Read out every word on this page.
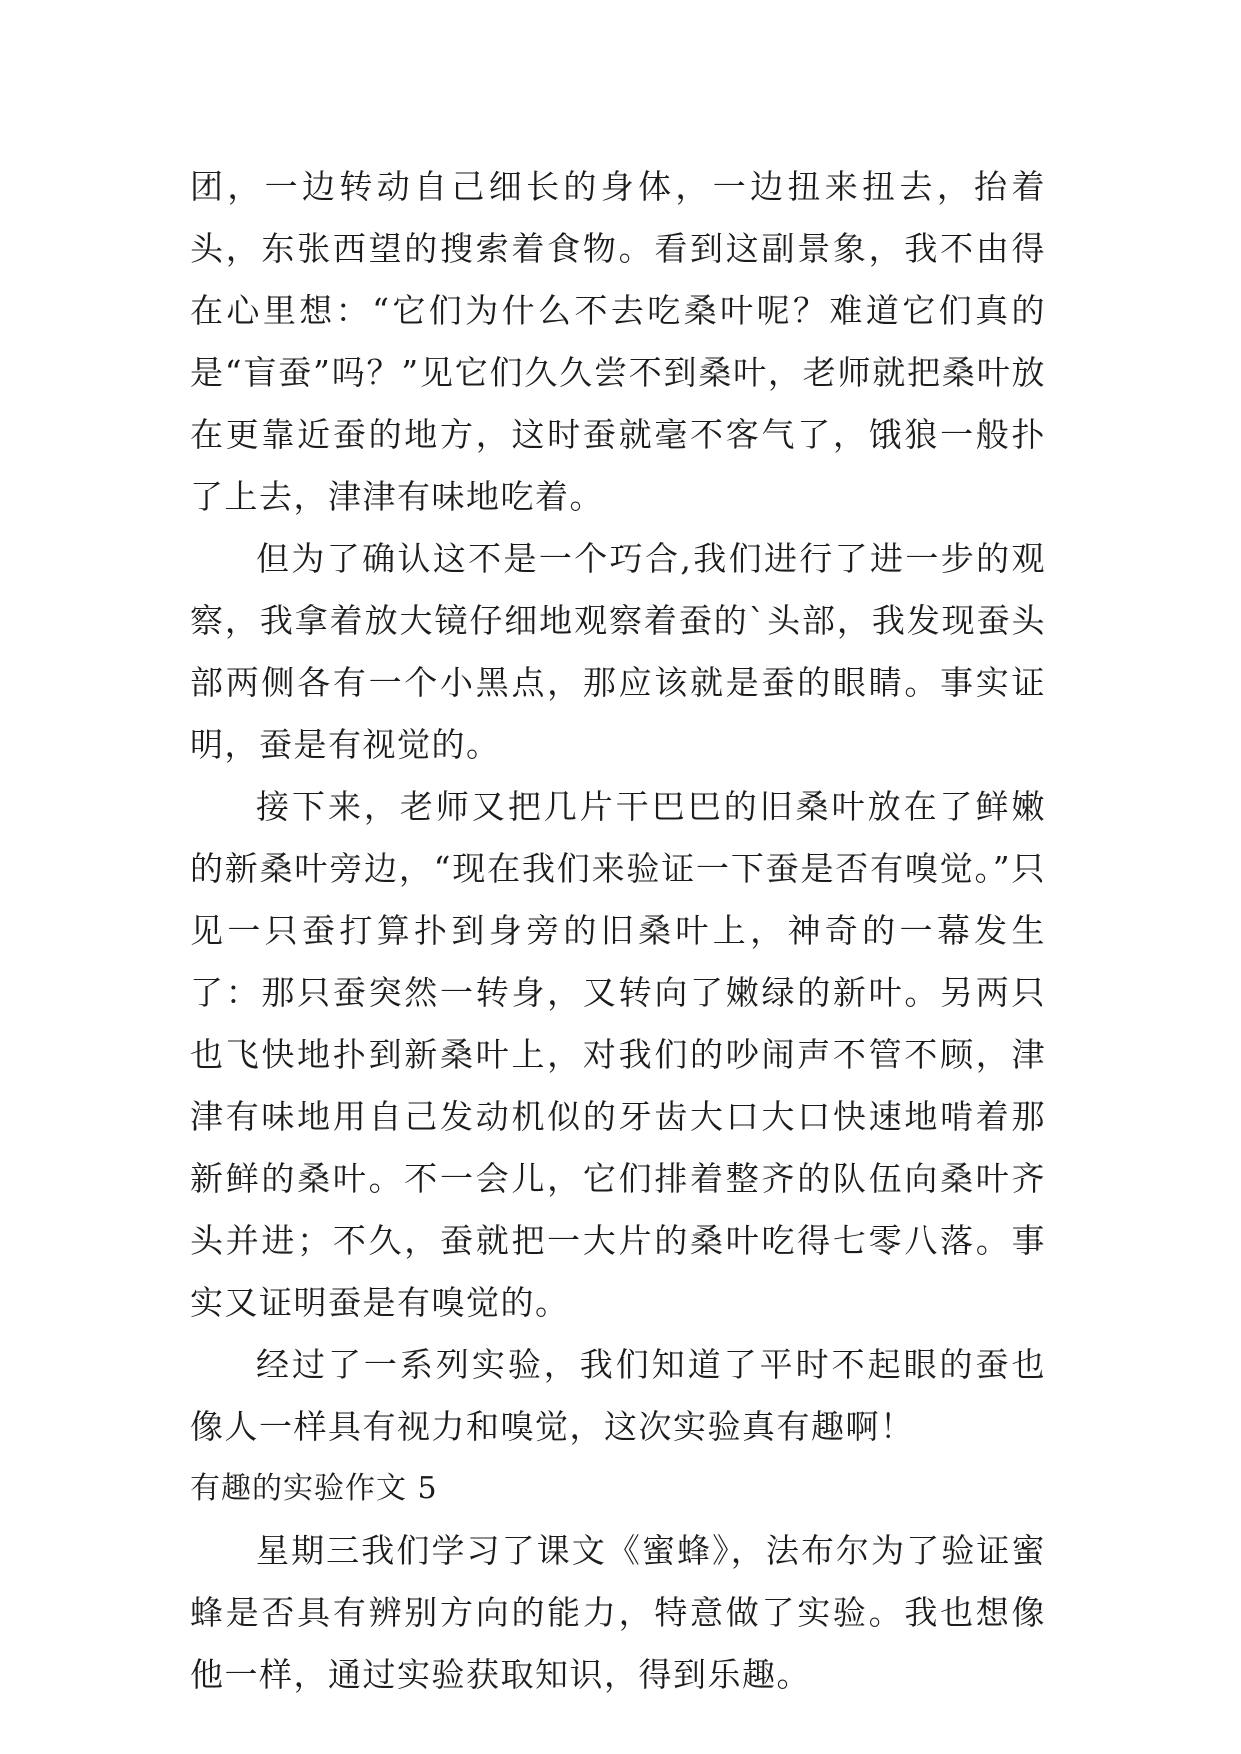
团，一边转动自己细长的身体，一边扭来扭去，抬着头，东张西望的搜索着食物。看到这副景象，我不由得在心里想：“它们为什么不去吃桑叶呢？难道它们真的是“盲蚕”吗？”见它们久久尝不到桑叶，老师就把桑叶放在更靠近蚕的地方，这时蚕就毫不客气了，饿狼一般扑了上去，津津有味地吃着。

但为了确认这不是一个巧合,我们进行了进一步的观察，我拿着放大镜仔细地观察着蚕的`头部，我发现蚕头部两侧各有一个小黑点，那应该就是蚕的眼睛。事实证明，蚕是有视觉的。

接下来，老师又把几片干巴巴的旧桑叶放在了鲜嫩的新桑叶旁边，“现在我们来验证一下蚕是否有嗅觉。”只见一只蚕打算扑到身旁的旧桑叶上，神奇的一幕发生了：那只蚕突然一转身，又转向了嫩绿的新叶。另两只也飞快地扑到新桑叶上，对我们的吵闹声不管不顾，津津有味地用自己发动机似的牙齿大口大口快速地啃着那新鲜的桑叶。不一会儿，它们排着整齐的队伍向桑叶齐头并进；不久，蚕就把一大片的桑叶吃得七零八落。事实又证明蚕是有嗅觉的。

经过了一系列实验，我们知道了平时不起眼的蚕也像人一样具有视力和嗅觉，这次实验真有趣啊！

有趣的实验作文 5

星期三我们学习了课文《蜜蜂》，法布尔为了验证蜜蜂是否具有辨别方向的能力，特意做了实验。我也想像他一样，通过实验获取知识，得到乐趣。
